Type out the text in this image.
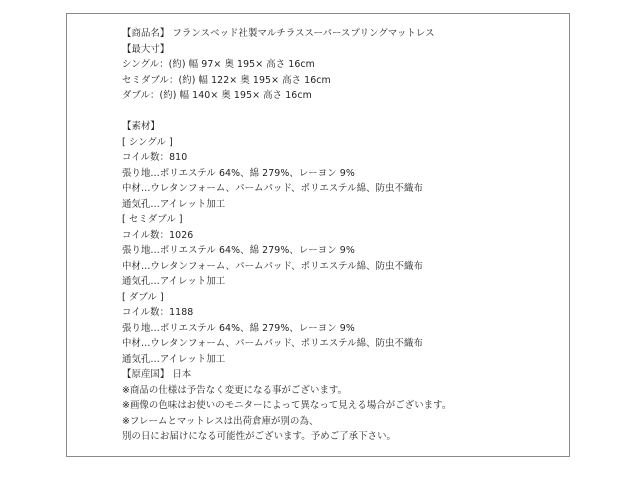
【商品名】 フランスベッド社製マルチラススーパースプリングマットレス
【最大寸】
シングル：(約) 幅 97× 奥 195× 高さ 16cm
セミダブル：(約) 幅 122× 奥 195× 高さ 16cm
ダブル：(約) 幅 140× 奥 195× 高さ 16cm
【素材】
[ シングル ]
コイル数：810
張り地…ポリエステル 64%、綿 279%、レーヨン 9%
中材…ウレタンフォーム、パームパッド、ポリエステル綿、防虫不織布
通気孔…アイレット加工
[ セミダブル ]
コイル数：1026
張り地…ポリエステル 64%、綿 279%、レーヨン 9%
中材…ウレタンフォーム、パームパッド、ポリエステル綿、防虫不織布
通気孔…アイレット加工
[ ダブル ]
コイル数：1188
張り地…ポリエステル 64%、綿 279%、レーヨン 9%
中材…ウレタンフォーム、パームパッド、ポリエステル綿、防虫不織布
通気孔…アイレット加工
【原産国】 日本
※商品の仕様は予告なく変更になる事がございます。
※画像の色味はお使いのモニターによって異なって見える場合がございます。
※フレームとマットレスは出荷倉庫が別の為、
別の日にお届けになる可能性がございます。予めご了承下さい。
